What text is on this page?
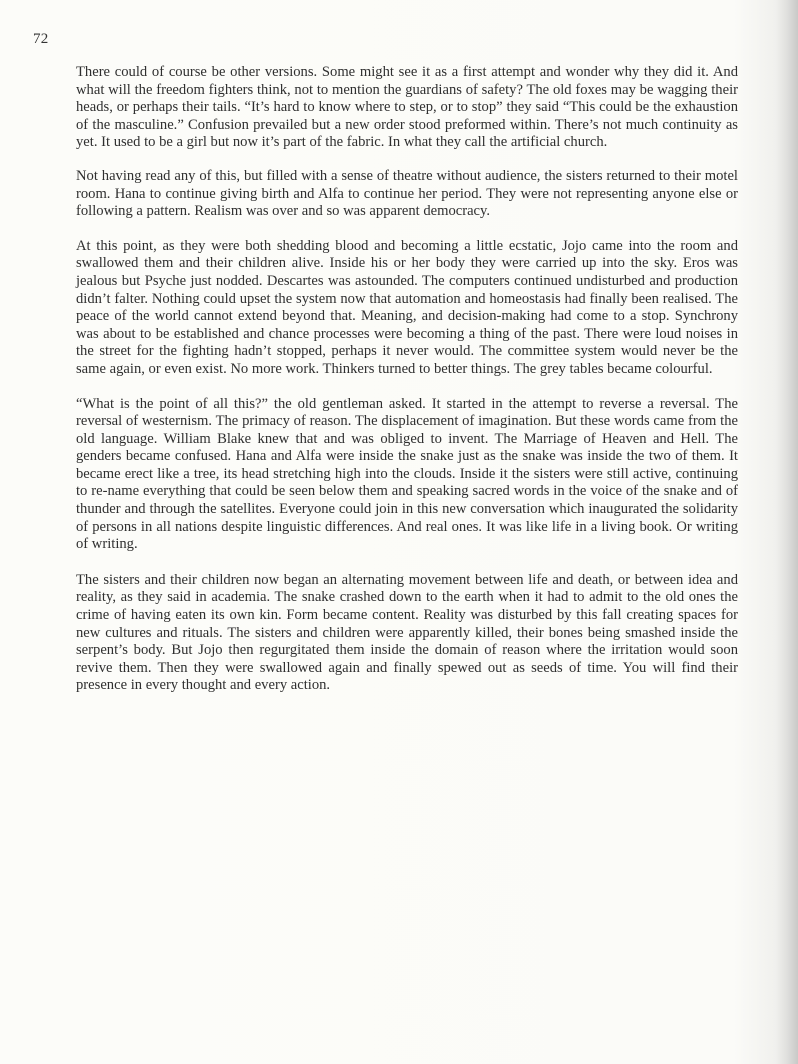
72

There could of course be other versions. Some might see it as a first attempt and wonder why they did it. And what will the freedom fighters think, not to mention the guardians of safety? The old foxes may be wagging their heads, or perhaps their tails. “It’s hard to know where to step, or to stop” they said “This could be the exhaustion of the masculine.” Confusion prevailed but a new order stood preformed within. There’s not much continuity as yet. It used to be a girl but now it’s part of the fabric. In what they call the artificial church.

Not having read any of this, but filled with a sense of theatre without audience, the sisters returned to their motel room. Hana to continue giving birth and Alfa to continue her period. They were not representing anyone else or following a pattern. Realism was over and so was apparent democracy.

At this point, as they were both shedding blood and becoming a little ecstatic, Jojo came into the room and swallowed them and their children alive. Inside his or her body they were carried up into the sky. Eros was jealous but Psyche just nodded. Descartes was astounded. The computers continued undisturbed and production didn’t falter. Nothing could upset the system now that automation and homeostasis had finally been realised. The peace of the world cannot extend beyond that. Meaning, and decision-making had come to a stop. Synchrony was about to be established and chance processes were becoming a thing of the past. There were loud noises in the street for the fighting hadn’t stopped, perhaps it never would. The committee system would never be the same again, or even exist. No more work. Thinkers turned to better things. The grey tables became colourful.

“What is the point of all this?” the old gentleman asked. It started in the attempt to reverse a reversal. The reversal of westernism. The primacy of reason. The displacement of imagination. But these words came from the old language. William Blake knew that and was obliged to invent. The Marriage of Heaven and Hell. The genders became confused. Hana and Alfa were inside the snake just as the snake was inside the two of them. It became erect like a tree, its head stretching high into the clouds. Inside it the sisters were still active, continuing to re-name everything that could be seen below them and speaking sacred words in the voice of the snake and of thunder and through the satellites. Everyone could join in this new conversation which inaugurated the solidarity of persons in all nations despite linguistic differences. And real ones. It was like life in a living book. Or writing of writing.

The sisters and their children now began an alternating movement between life and death, or between idea and reality, as they said in academia. The snake crashed down to the earth when it had to admit to the old ones the crime of having eaten its own kin. Form became content. Reality was disturbed by this fall creating spaces for new cultures and rituals. The sisters and children were apparently killed, their bones being smashed inside the serpent’s body. But Jojo then regurgitated them inside the domain of reason where the irritation would soon revive them. Then they were swallowed again and finally spewed out as seeds of time. You will find their presence in every thought and every action.
